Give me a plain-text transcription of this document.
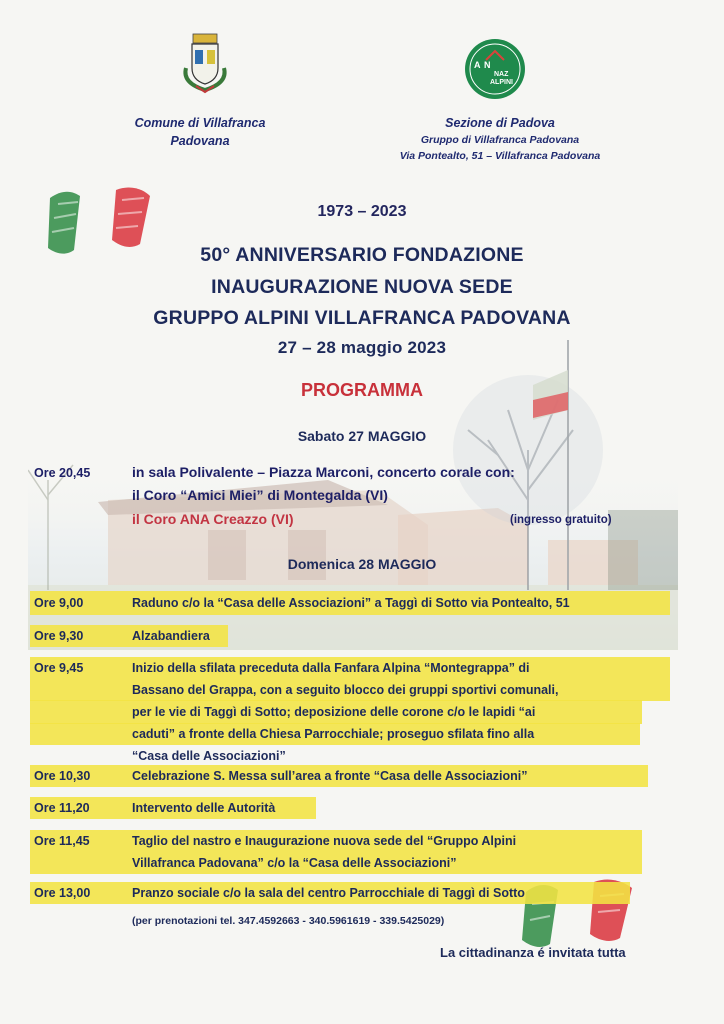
A N
NAZ
ALPINI
Comune di Villafranca
Padovana
Sezione di Padova
Gruppo di Villafranca Padovana
Via Pontealto, 51 – Villafranca Padovana
1973 – 2023
50° ANNIVERSARIO FONDAZIONE
INAUGURAZIONE NUOVA SEDE
GRUPPO ALPINI VILLAFRANCA PADOVANA
27 – 28 maggio 2023
PROGRAMMA
Sabato 27 MAGGIO
Ore 20,45	in sala Polivalente – Piazza Marconi, concerto corale con:
il Coro “Amici Miei” di Montegalda (VI)
il Coro ANA Creazzo (VI)	(ingresso gratuito)
Domenica 28 MAGGIO
Ore 9,00	Raduno c/o la “Casa delle Associazioni” a Taggì di Sotto via Pontealto, 51
Ore 9,30	Alzabandiera
Ore 9,45	Inizio della sfilata preceduta dalla Fanfara Alpina “Montegrappa” di
Bassano del Grappa, con a seguito blocco dei gruppi sportivi comunali,
per le vie di Taggì di Sotto; deposizione delle corone c/o le lapidi “ai
caduti” a fronte della Chiesa Parrocchiale; proseguo sfilata fino alla
“Casa delle Associazioni”
Ore 10,30	Celebrazione S. Messa sull’area a fronte “Casa delle Associazioni”
Ore 11,20	Intervento delle Autorità
Ore 11,45	Taglio del nastro e Inaugurazione nuova sede del “Gruppo Alpini
Villafranca Padovana” c/o la “Casa delle Associazioni”
Ore 13,00	Pranzo sociale c/o la sala del centro Parrocchiale di Taggì di Sotto
(per prenotazioni tel. 347.4592663 - 340.5961619 - 339.5425029)
La cittadinanza é invitata tutta
